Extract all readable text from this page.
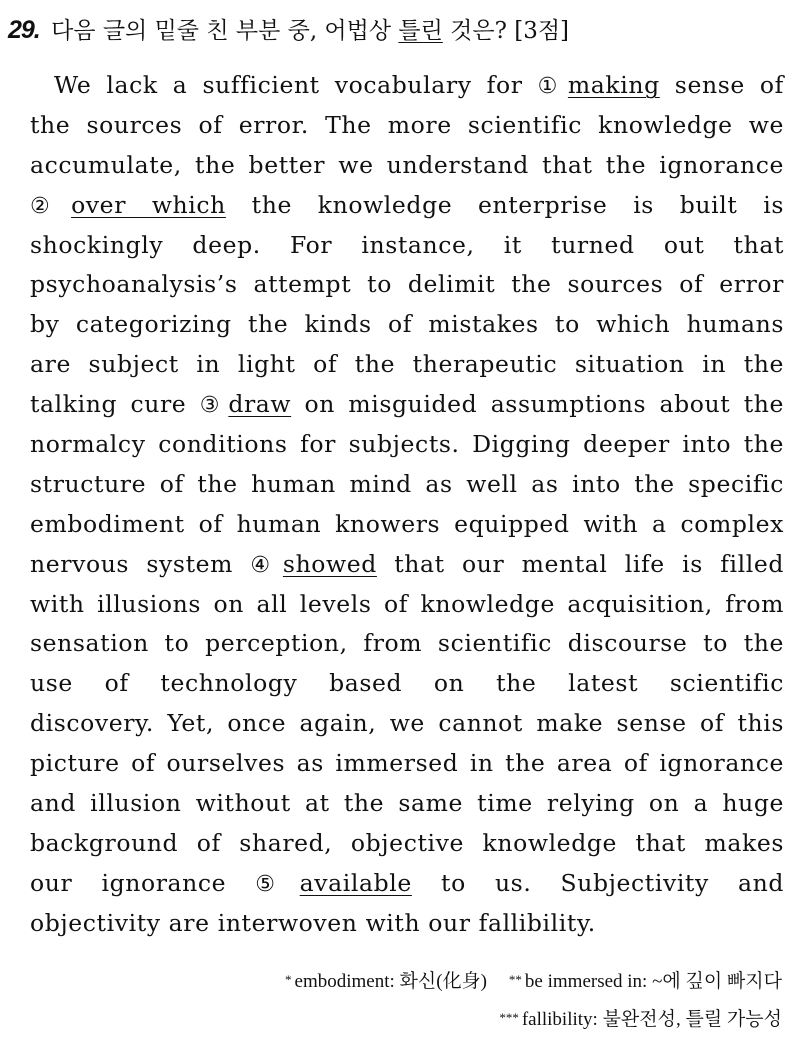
29. 다음 글의 밑줄 친 부분 중, 어법상 틀린 것은? [3점]
We lack a sufficient vocabulary for ① making sense of
the sources of error. The more scientific knowledge we
accumulate, the better we understand that the ignorance
② over which the knowledge enterprise is built is
shockingly deep. For instance, it turned out that
psychoanalysis’s attempt to delimit the sources of error
by categorizing the kinds of mistakes to which humans
are subject in light of the therapeutic situation in the
talking cure ③ draw on misguided assumptions about the
normalcy conditions for subjects. Digging deeper into the
structure of the human mind as well as into the specific
embodiment of human knowers equipped with a complex
nervous system ④ showed that our mental life is filled
with illusions on all levels of knowledge acquisition, from
sensation to perception, from scientific discourse to the
use of technology based on the latest scientific
discovery. Yet, once again, we cannot make sense of this
picture of ourselves as immersed in the area of ignorance
and illusion without at the same time relying on a huge
background of shared, objective knowledge that makes
our ignorance ⑤ available to us. Subjectivity and
objectivity are interwoven with our fallibility.
* embodiment: 화신(化身) ** be immersed in: ~에 깊이 빠지다
*** fallibility: 불완전성, 틀릴 가능성
